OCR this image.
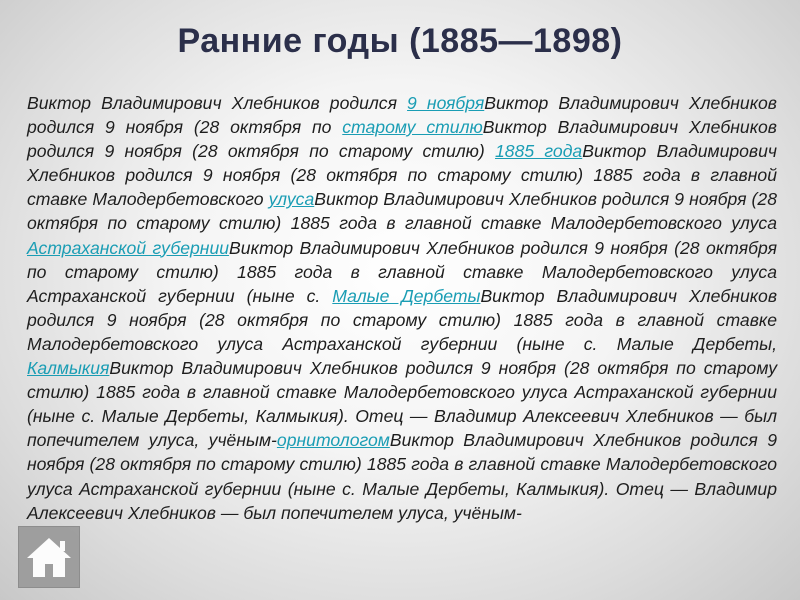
Ранние годы (1885—1898)
Виктор Владимирович Хлебников родился 9 ноябряВиктор Владимирович Хлебников родился 9 ноября (28 октября по старому стилюВиктор Владимирович Хлебников родился 9 ноября (28 октября по старому стилю) 1885 годаВиктор Владимирович Хлебников родился 9 ноября (28 октября по старому стилю) 1885 года в главной ставке Малодербетовского улусаВиктор Владимирович Хлебников родился 9 ноября (28 октября по старому стилю) 1885 года в главной ставке Малодербетовского улуса Астраханской губернииВиктор Владимирович Хлебников родился 9 ноября (28 октября по старому стилю) 1885 года в главной ставке Малодербетовского улуса Астраханской губернии (ныне с. Малые ДербетыВиктор Владимирович Хлебников родился 9 ноября (28 октября по старому стилю) 1885 года в главной ставке Малодербетовского улуса Астраханской губернии (ныне с. Малые Дербеты, КалмыкияВиктор Владимирович Хлебников родился 9 ноября (28 октября по старому стилю) 1885 года в главной ставке Малодербетовского улуса Астраханской губернии (ныне с. Малые Дербеты, Калмыкия). Отец — Владимир Алексеевич Хлебников — был попечителем улуса, учёным-орнитологомВиктор Владимирович Хлебников родился 9 ноября (28 октября по старому стилю) 1885 года в главной ставке Малодербетовского улуса Астраханской губернии (ныне с. Малые Дербеты, Калмыкия). Отец — Владимир Алексеевич Хлебников — был попечителем улуса, учёным-
